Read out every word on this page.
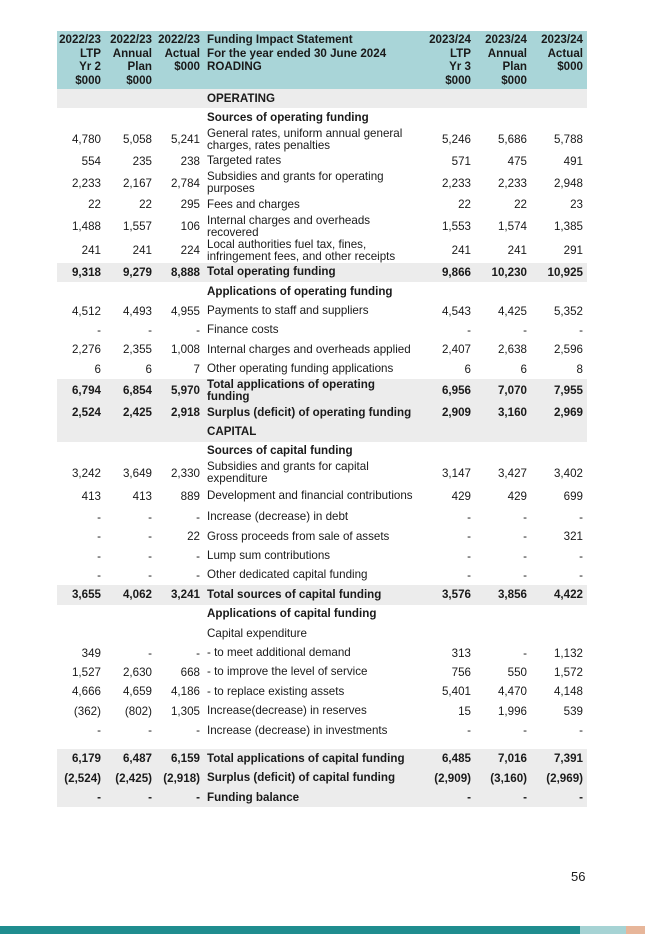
2022/23
LTP
Yr 2
$000	2022/23
Annual
Plan
$000	2022/23
Actual
$000	Funding Impact Statement
For the year ended 30 June 2024
ROADING	2023/24
LTP
Yr 3
$000	2023/24
Annual
Plan
$000	2023/24
Actual
$000
			OPERATING			
			Sources of operating funding			
4,780	5,058	5,241	General rates, uniform annual general charges, rates penalties	5,246	5,686	5,788
554	235	238	Targeted rates	571	475	491
2,233	2,167	2,784	Subsidies and grants for operating purposes	2,233	2,233	2,948
22	22	295	Fees and charges	22	22	23
1,488	1,557	106	Internal charges and overheads recovered	1,553	1,574	1,385
241	241	224	Local authorities fuel tax, fines, infringement fees, and other receipts	241	241	291
9,318	9,279	8,888	Total operating funding	9,866	10,230	10,925
			Applications of operating funding			
4,512	4,493	4,955	Payments to staff and suppliers	4,543	4,425	5,352
-	-	-	Finance costs	-	-	-
2,276	2,355	1,008	Internal charges and overheads applied	2,407	2,638	2,596
6	6	7	Other operating funding applications	6	6	8
6,794	6,854	5,970	Total applications of operating funding	6,956	7,070	7,955
2,524	2,425	2,918	Surplus (deficit) of operating funding	2,909	3,160	2,969
			CAPITAL			
			Sources of capital funding			
3,242	3,649	2,330	Subsidies and grants for capital expenditure	3,147	3,427	3,402
413	413	889	Development and financial contributions	429	429	699
-	-	-	Increase (decrease) in debt	-	-	-
-	-	22	Gross proceeds from sale of assets	-	-	321
-	-	-	Lump sum contributions	-	-	-
-	-	-	Other dedicated capital funding	-	-	-
3,655	4,062	3,241	Total sources of capital funding	3,576	3,856	4,422
			Applications of capital funding			
			Capital expenditure			
349	-	-	- to meet additional demand	313	-	1,132
1,527	2,630	668	- to improve the level of service	756	550	1,572
4,666	4,659	4,186	- to replace existing assets	5,401	4,470	4,148
(362)	(802)	1,305	Increase(decrease) in reserves	15	1,996	539
-	-	-	Increase (decrease) in investments	-	-	-

6,179	6,487	6,159	Total applications of capital funding	6,485	7,016	7,391
(2,524)	(2,425)	(2,918)	Surplus (deficit) of capital funding	(2,909)	(3,160)	(2,969)
-	-	-	Funding balance	-	-	-
56
